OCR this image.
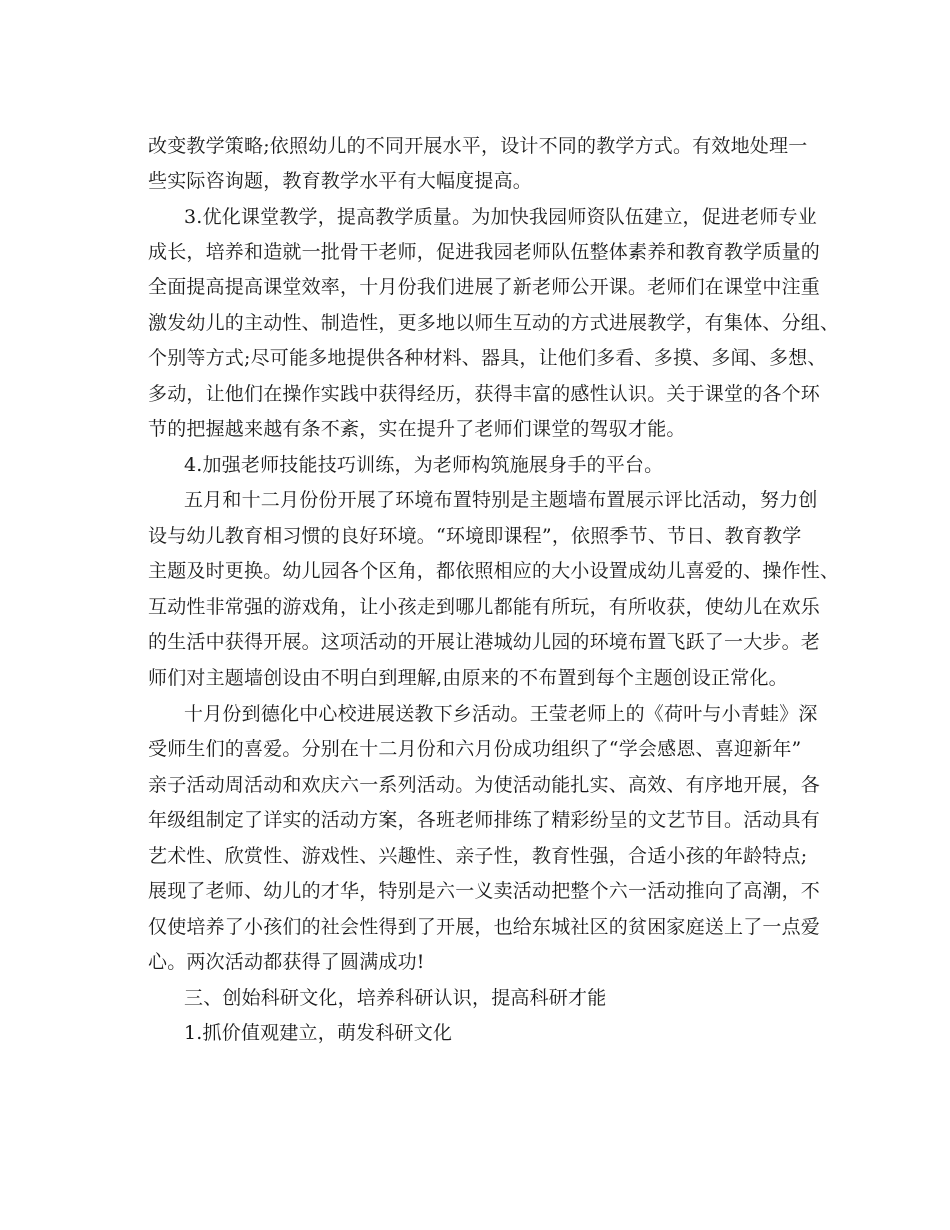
改变教学策略;依照幼儿的不同开展水平，设计不同的教学方式。有效地处理一
些实际咨询题，教育教学水平有大幅度提高。
3.优化课堂教学，提高教学质量。为加快我园师资队伍建立，促进老师专业
成长，培养和造就一批骨干老师，促进我园老师队伍整体素养和教育教学质量的
全面提高提高课堂效率，十月份我们进展了新老师公开课。老师们在课堂中注重
激发幼儿的主动性、制造性，更多地以师生互动的方式进展教学，有集体、分组、
个别等方式;尽可能多地提供各种材料、器具，让他们多看、多摸、多闻、多想、
多动，让他们在操作实践中获得经历，获得丰富的感性认识。关于课堂的各个环
节的把握越来越有条不紊，实在提升了老师们课堂的驾驭才能。
4.加强老师技能技巧训练，为老师构筑施展身手的平台。
五月和十二月份份开展了环境布置特别是主题墙布置展示评比活动，努力创
设与幼儿教育相习惯的良好环境。“环境即课程”，依照季节、节日、教育教学
主题及时更换。幼儿园各个区角，都依照相应的大小设置成幼儿喜爱的、操作性、
互动性非常强的游戏角，让小孩走到哪儿都能有所玩，有所收获，使幼儿在欢乐
的生活中获得开展。这项活动的开展让港城幼儿园的环境布置飞跃了一大步。老
师们对主题墙创设由不明白到理解,由原来的不布置到每个主题创设正常化。
十月份到德化中心校进展送教下乡活动。王莹老师上的《荷叶与小青蛙》深
受师生们的喜爱。分别在十二月份和六月份成功组织了“学会感恩、喜迎新年”
亲子活动周活动和欢庆六一系列活动。为使活动能扎实、高效、有序地开展，各
年级组制定了详实的活动方案，各班老师排练了精彩纷呈的文艺节目。活动具有
艺术性、欣赏性、游戏性、兴趣性、亲子性，教育性强，合适小孩的年龄特点;
展现了老师、幼儿的才华，特别是六一义卖活动把整个六一活动推向了高潮，不
仅使培养了小孩们的社会性得到了开展，也给东城社区的贫困家庭送上了一点爱
心。两次活动都获得了圆满成功!
三、创始科研文化，培养科研认识，提高科研才能
1.抓价值观建立，萌发科研文化
